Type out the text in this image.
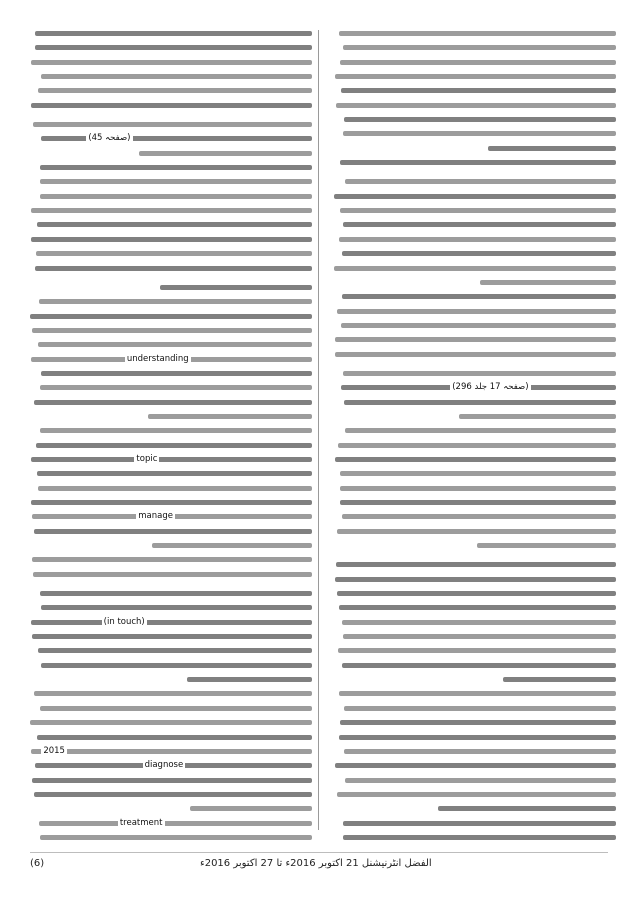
(296 صفحہ 17 جلد)
(45 صفحہ)
understanding
topic
manage
(in touch)
2015
diagnose
treatment
(6)	الفضل انٹرنیشنل 21 اکتوبر 2016ء تا 27 اکتوبر 2016ء
